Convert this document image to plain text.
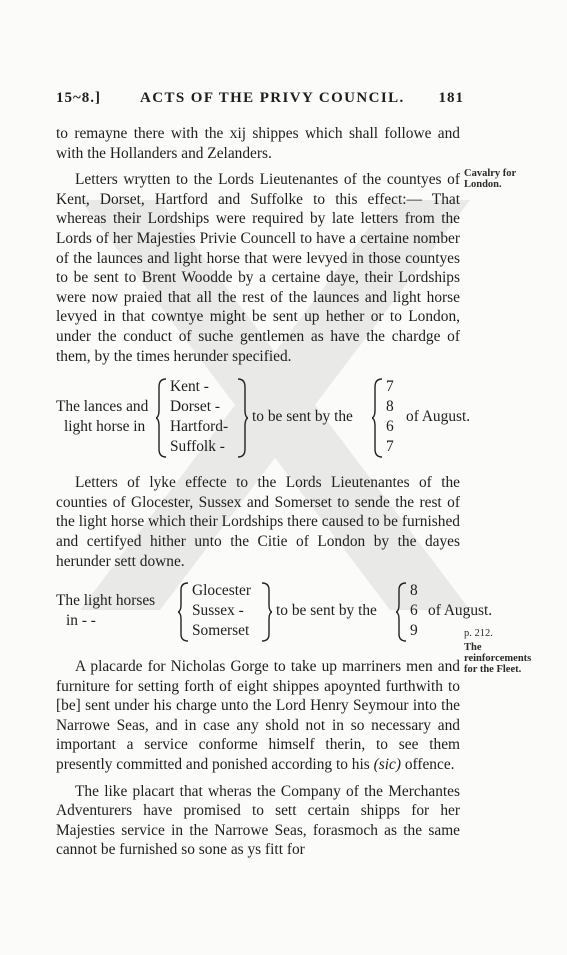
15~8.]	ACTS OF THE PRIVY COUNCIL. 181
Cavalry for London.
p. 212.
The reinforcements for the Fleet.

to remayne there with the xij shippes which shall followe and with the Hollanders and Zelanders.

Letters wrytten to the Lords Lieutenantes of the countyes of Kent, Dorset, Hartford and Suffolke to this effect:— That whereas their Lordships were required by late letters from the Lords of her Majesties Privie Councell to have a certaine nomber of the launces and light horse that were levyed in those countyes to be sent to Brent Woodde by a certaine daye, their Lordships were now praied that all the rest of the launces and light horse levyed in that cowntye might be sent up hether or to London, under the conduct of suche gentlemen as have the chardge of them, by the times herunder specified.

The lances and
light horse in
Kent -
Dorset -
Hartford-
Suffolk -
to be sent by the
7
8
6
7
of August.

Letters of lyke effecte to the Lords Lieutenantes of the counties of Glocester, Sussex and Somerset to sende the rest of the light horse which their Lordships there caused to be furnished and certifyed hither unto the Citie of London by the dayes herunder sett downe.

The light horses
in - -
Glocester
Sussex -
Somerset
to be sent by the
8
6
9
of August.

A placarde for Nicholas Gorge to take up marriners men and furniture for setting forth of eight shippes apoynted furthwith to [be] sent under his charge unto the Lord Henry Seymour into the Narrowe Seas, and in case any shold not in so necessary and important a service conforme himself therin, to see them presently committed and ponished according to his (sic) offence.

The like placart that wheras the Company of the Merchantes Adventurers have promised to sett certain shipps for her Majesties service in the Narrowe Seas, forasmoch as the same cannot be furnished so sone as ys fitt for
